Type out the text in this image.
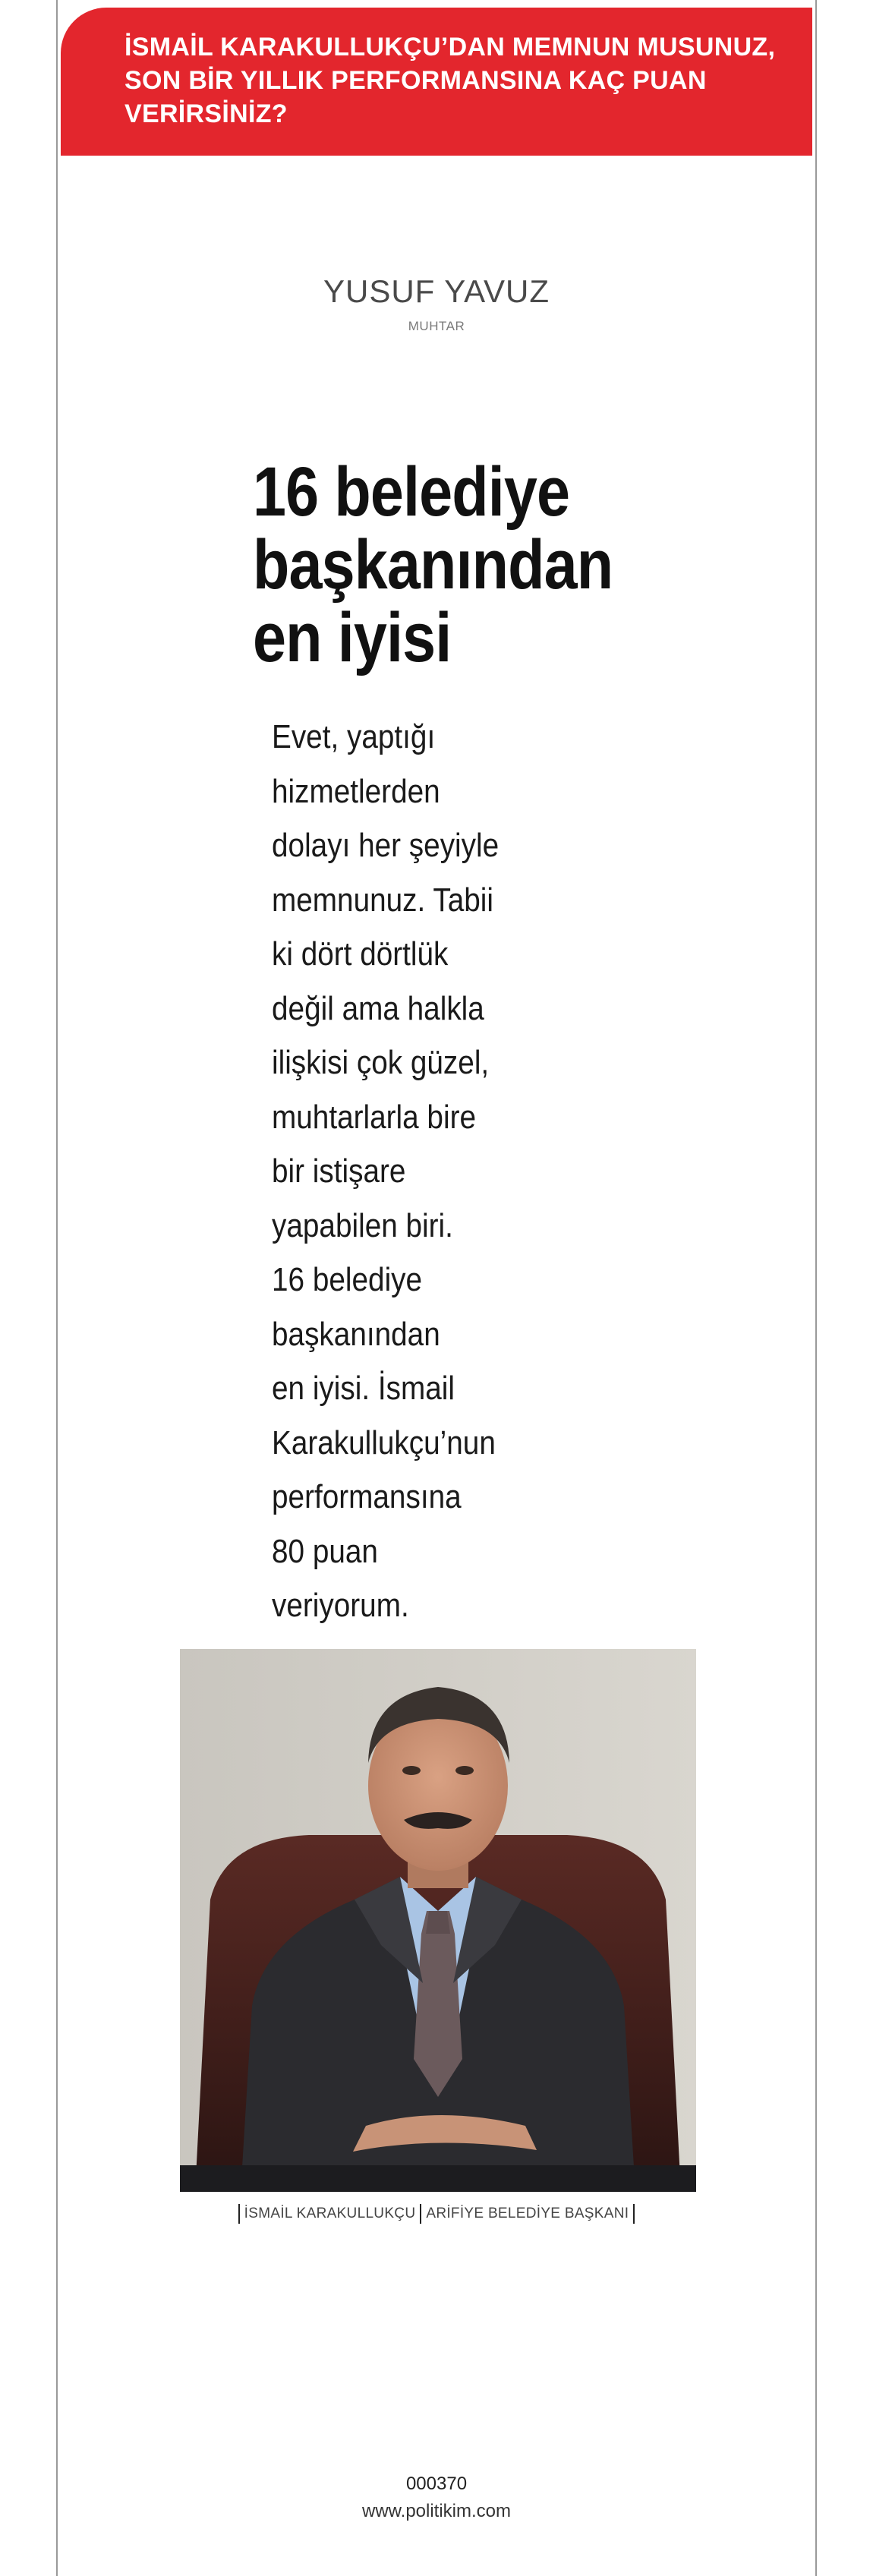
İSMAİL KARAKULLUKÇU’DAN MEMNUN MUSUNUZ,
SON BİR YILLIK PERFORMANSINA KAÇ PUAN
VERİRSİNİZ?
YUSUF YAVUZ
MUHTAR
16 belediye
başkanından
en iyisi
Evet, yaptığı
hizmetlerden
dolayı her şeyiyle
memnunuz. Tabii
ki dört dörtlük
değil ama halkla
ilişkisi çok güzel,
muhtarlarla bire
bir istişare
yapabilen biri.
16 belediye
başkanından
en iyisi. İsmail
Karakullukçu’nun
performansına
80 puan
veriyorum.
İSMAİL KARAKULLUKÇU ARİFİYE BELEDİYE BAŞKANI
000370
www.politikim.com
